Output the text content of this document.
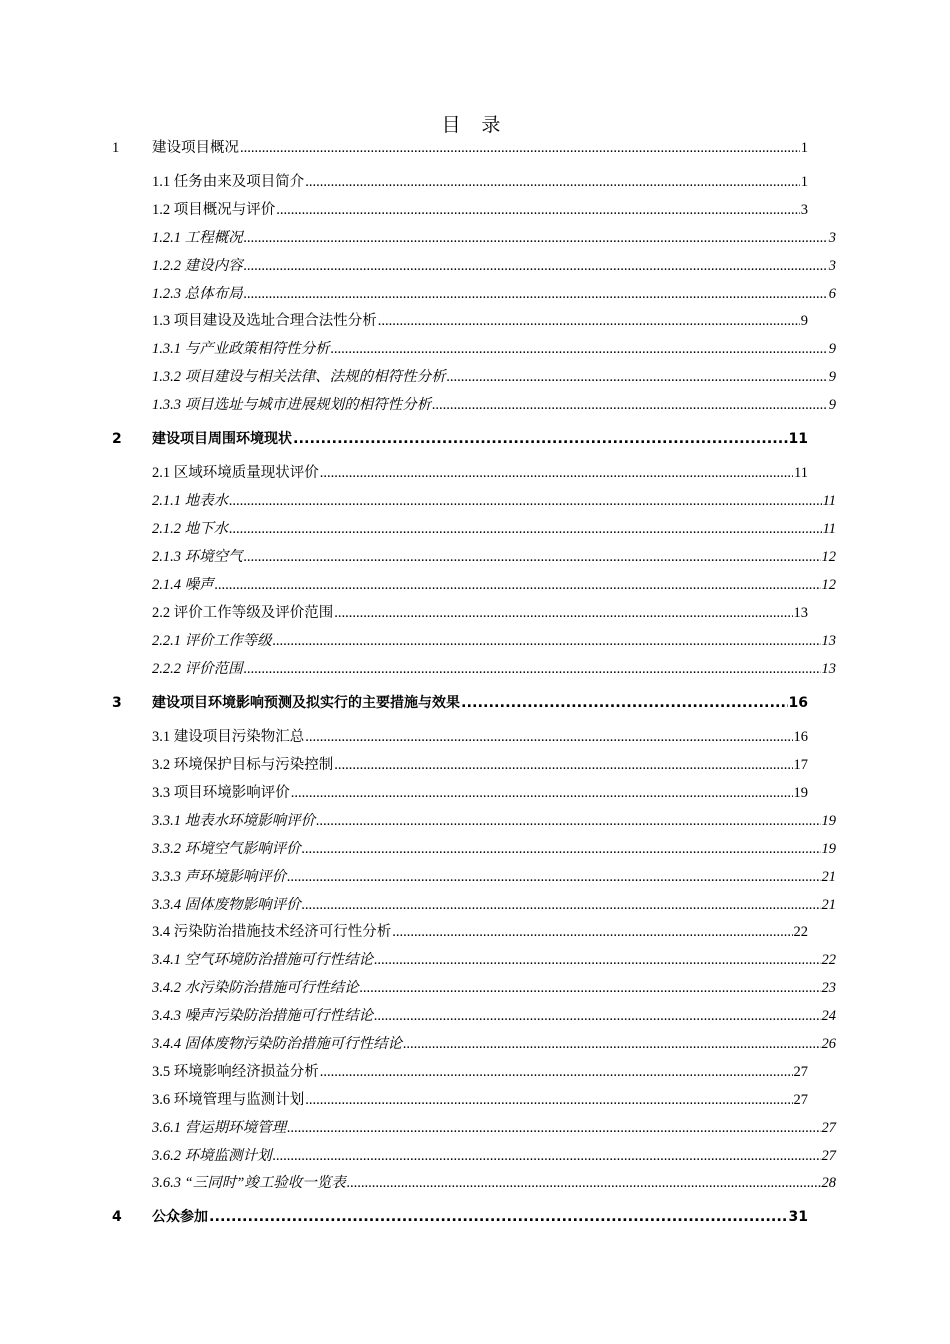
目 录
1 建设项目概况 .....	1
1.1 任务由来及项目简介 .....	1
1.2 项目概况与评价 .....	3
1.2.1 工程概况 .....	3
1.2.2 建设内容 .....	3
1.2.3 总体布局 .....	6
1.3 项目建设及选址合理合法性分析 .....	9
1.3.1 与产业政策相符性分析 .....	9
1.3.2 项目建设与相关法律、法规的相符性分析 .....	9
1.3.3 项目选址与城市进展规划的相符性分析 .....	9
2 建设项目周围环境现状 .....	11
2.1 区域环境质量现状评价 .....	11
2.1.1 地表水 .....	11
2.1.2 地下水 .....	11
2.1.3 环境空气 .....	12
2.1.4 噪声 .....	12
2.2 评价工作等级及评价范围 .....	13
2.2.1 评价工作等级 .....	13
2.2.2 评价范围 .....	13
3 建设项目环境影响预测及拟实行的主要措施与效果 .....	16
3.1 建设项目污染物汇总 .....	16
3.2 环境保护目标与污染控制 .....	17
3.3 项目环境影响评价 .....	19
3.3.1 地表水环境影响评价 .....	19
3.3.2 环境空气影响评价 .....	19
3.3.3 声环境影响评价 .....	21
3.3.4 固体废物影响评价 .....	21
3.4 污染防治措施技术经济可行性分析 .....	22
3.4.1 空气环境防治措施可行性结论 .....	22
3.4.2 水污染防治措施可行性结论 .....	23
3.4.3 噪声污染防治措施可行性结论 .....	24
3.4.4 固体废物污染防治措施可行性结论 .....	26
3.5 环境影响经济损益分析 .....	27
3.6 环境管理与监测计划 .....	27
3.6.1 营运期环境管理 .....	27
3.6.2 环境监测计划 .....	27
3.6.3 “三同时”竣工验收一览表 .....	28
4 公众参加 .....	31
